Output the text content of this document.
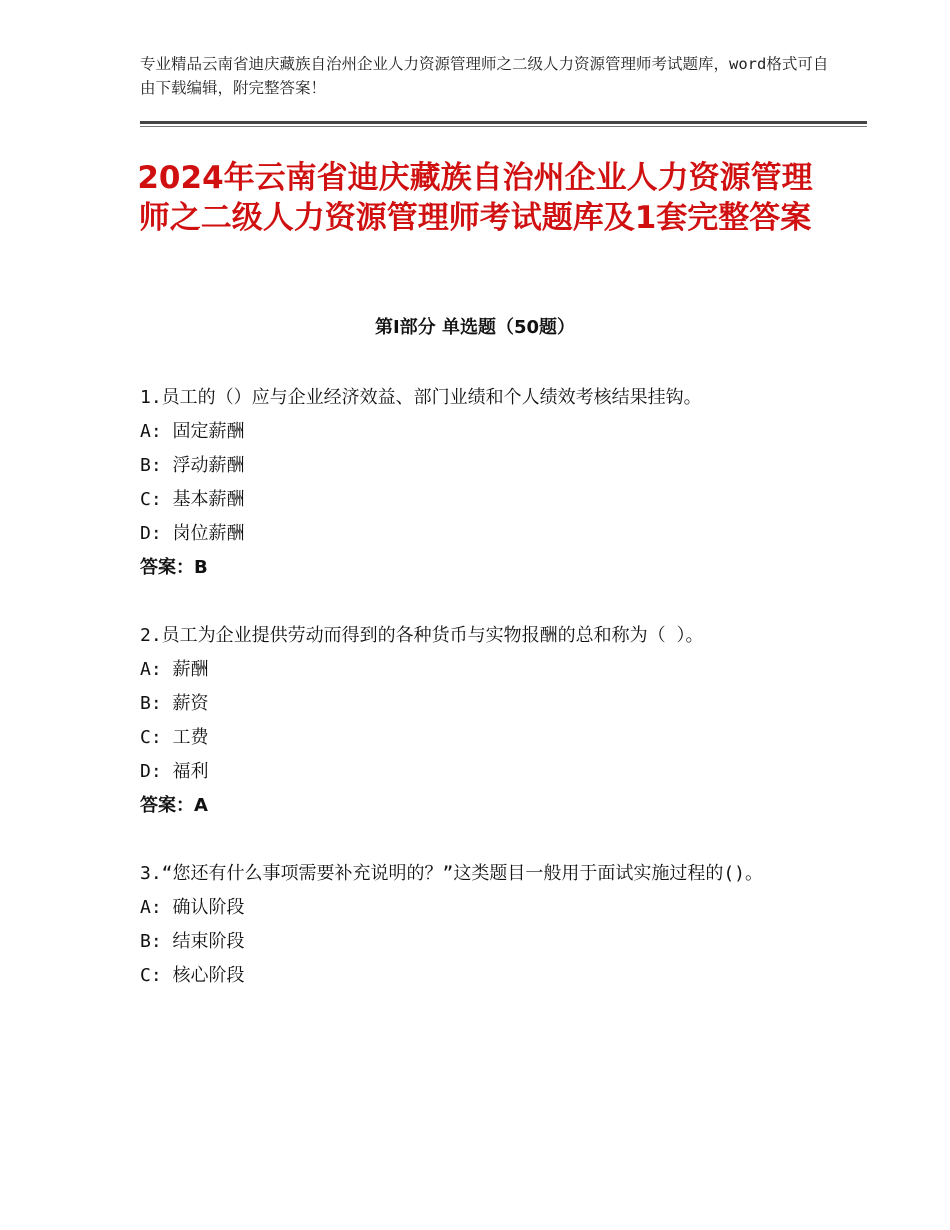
专业精品云南省迪庆藏族自治州企业人力资源管理师之二级人力资源管理师考试题库，word格式可自由下载编辑，附完整答案！
2024年云南省迪庆藏族自治州企业人力资源管理师之二级人力资源管理师考试题库及1套完整答案
第Ⅰ部分 单选题（50题）
1.员工的（）应与企业经济效益、部门业绩和个人绩效考核结果挂钩。
A: 固定薪酬
B: 浮动薪酬
C: 基本薪酬
D: 岗位薪酬
答案：B
2.员工为企业提供劳动而得到的各种货币与实物报酬的总和称为（ ）。
A: 薪酬
B: 薪资
C: 工费
D: 福利
答案：A
3.“您还有什么事项需要补充说明的？”这类题目一般用于面试实施过程的()。
A: 确认阶段
B: 结束阶段
C: 核心阶段
